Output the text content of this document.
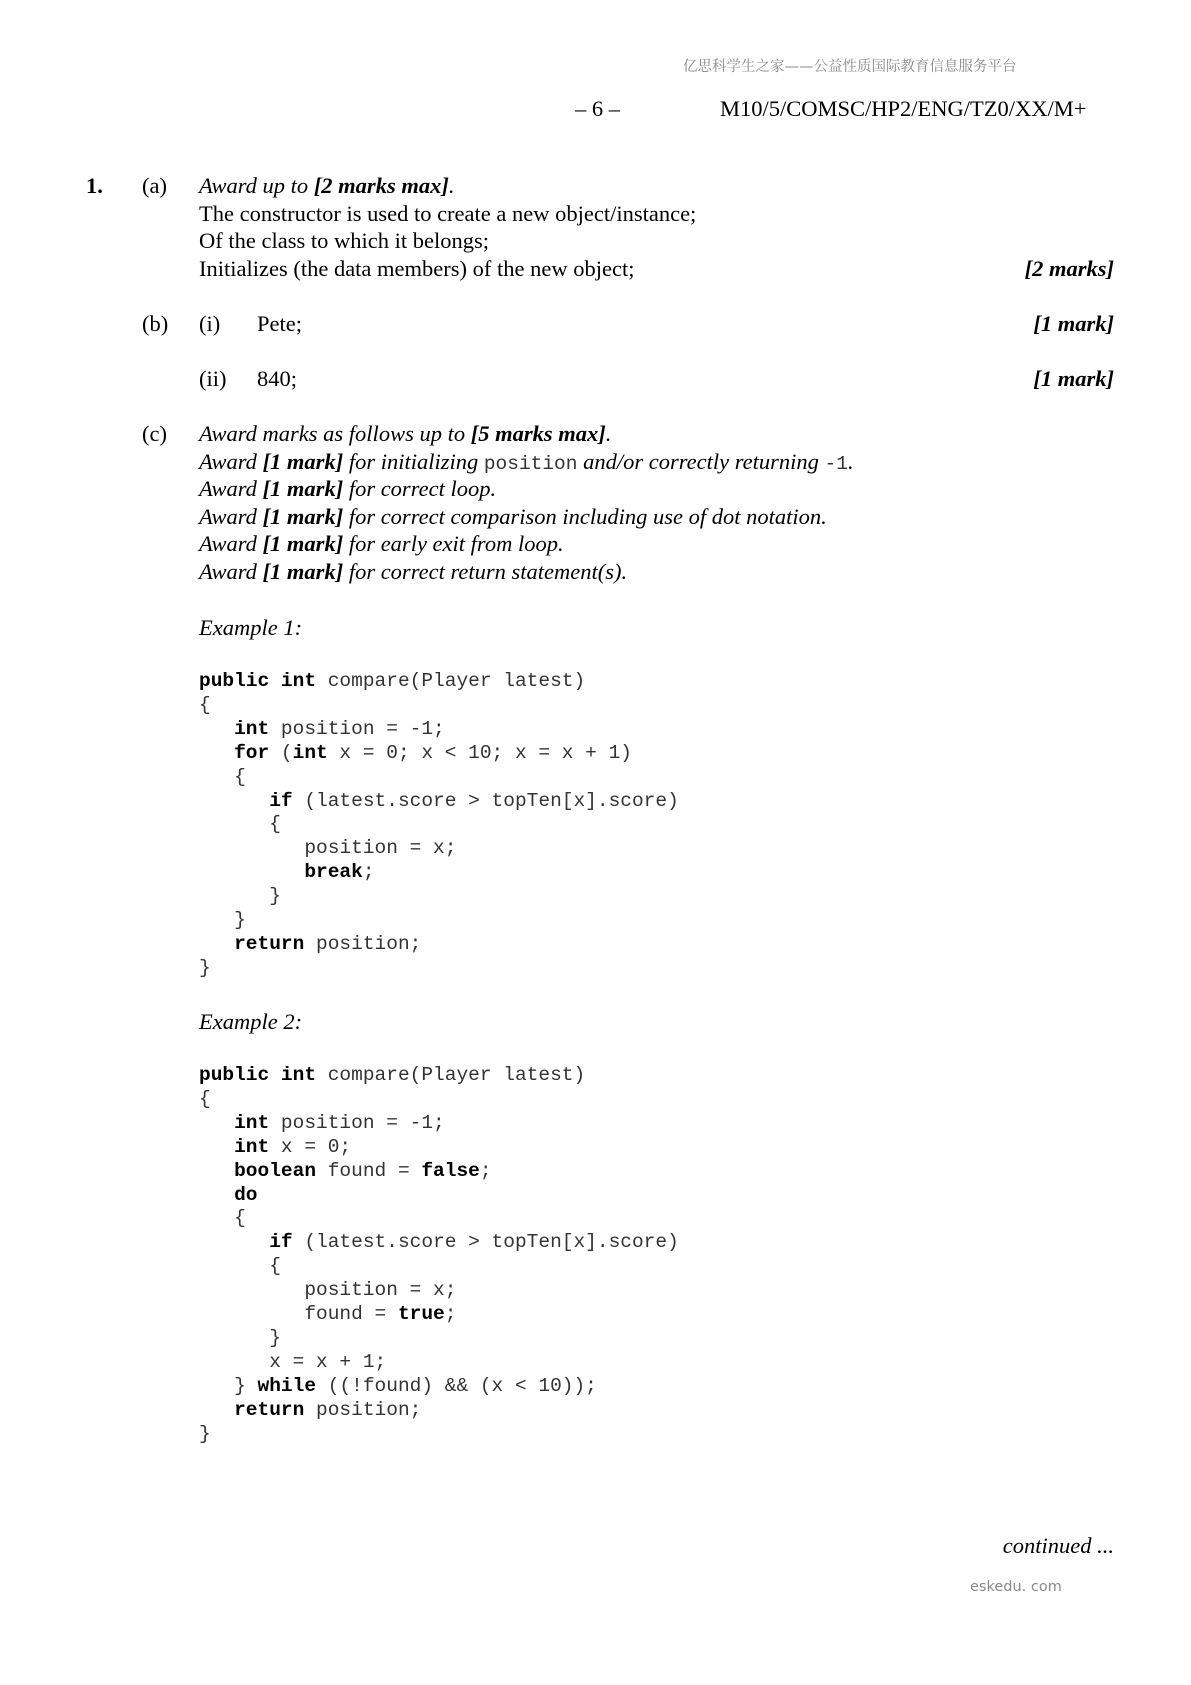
亿思科学生之家——公益性质国际教育信息服务平台
– 6 –	M10/5/COMSC/HP2/ENG/TZ0/XX/M+
1. (a) Award up to [2 marks max].
The constructor is used to create a new object/instance;
Of the class to which it belongs;
Initializes (the data members) of the new object;	[2 marks]
(b) (i) Pete;	[1 mark]
(ii) 840;	[1 mark]
(c) Award marks as follows up to [5 marks max].
Award [1 mark] for initializing position and/or correctly returning -1.
Award [1 mark] for correct loop.
Award [1 mark] for correct comparison including use of dot notation.
Award [1 mark] for early exit from loop.
Award [1 mark] for correct return statement(s).
Example 1:
public int compare(Player latest)
{
int position = -1;
for (int x = 0; x < 10; x = x + 1)
{
if (latest.score > topTen[x].score)
{
position = x;
break;
}
}
return position;
}
Example 2:
public int compare(Player latest)
{
int position = -1;
int x = 0;
boolean found = false;
do
{
if (latest.score > topTen[x].score)
{
position = x;
found = true;
}
x = x + 1;
} while ((!found) && (x < 10));
return position;
}
continued ...
eskedu. com
